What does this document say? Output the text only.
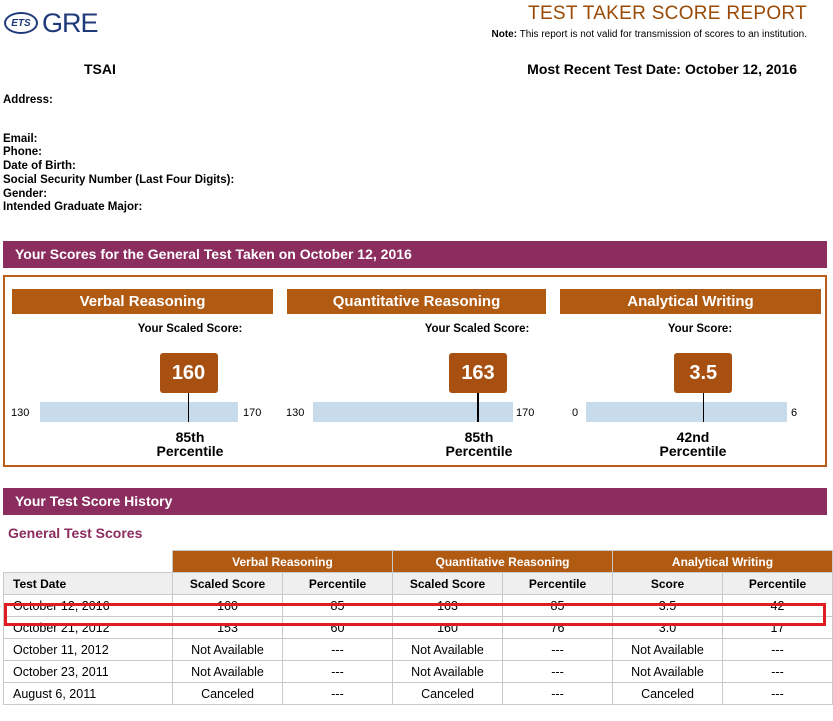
ETS GRE	TEST TAKER SCORE REPORT
Note: This report is not valid for transmission of scores to an institution.
TSAI	Most Recent Test Date: October 12, 2016
Address:
Email:
Phone:
Date of Birth:
Social Security Number (Last Four Digits):
Gender:
Intended Graduate Major:
Your Scores for the General Test Taken on October 12, 2016
Verbal Reasoning
Your Scaled Score:
160
130	170
85th
Percentile
Quantitative Reasoning
Your Scaled Score:
163
130	170
85th
Percentile
Analytical Writing
Your Score:
3.5
0	6
42nd
Percentile
Your Test Score History
General Test Scores
	Verbal Reasoning		Quantitative Reasoning		Analytical Writing	
Test Date	Scaled Score	Percentile	Scaled Score	Percentile	Score	Percentile
October 12, 2016	160	85	163	85	3.5	42
October 21, 2012	153	60	160	76	3.0	17
October 11, 2012	Not Available	---	Not Available	---	Not Available	---
October 23, 2011	Not Available	---	Not Available	---	Not Available	---
August 6, 2011	Canceled	---	Canceled	---	Canceled	---
